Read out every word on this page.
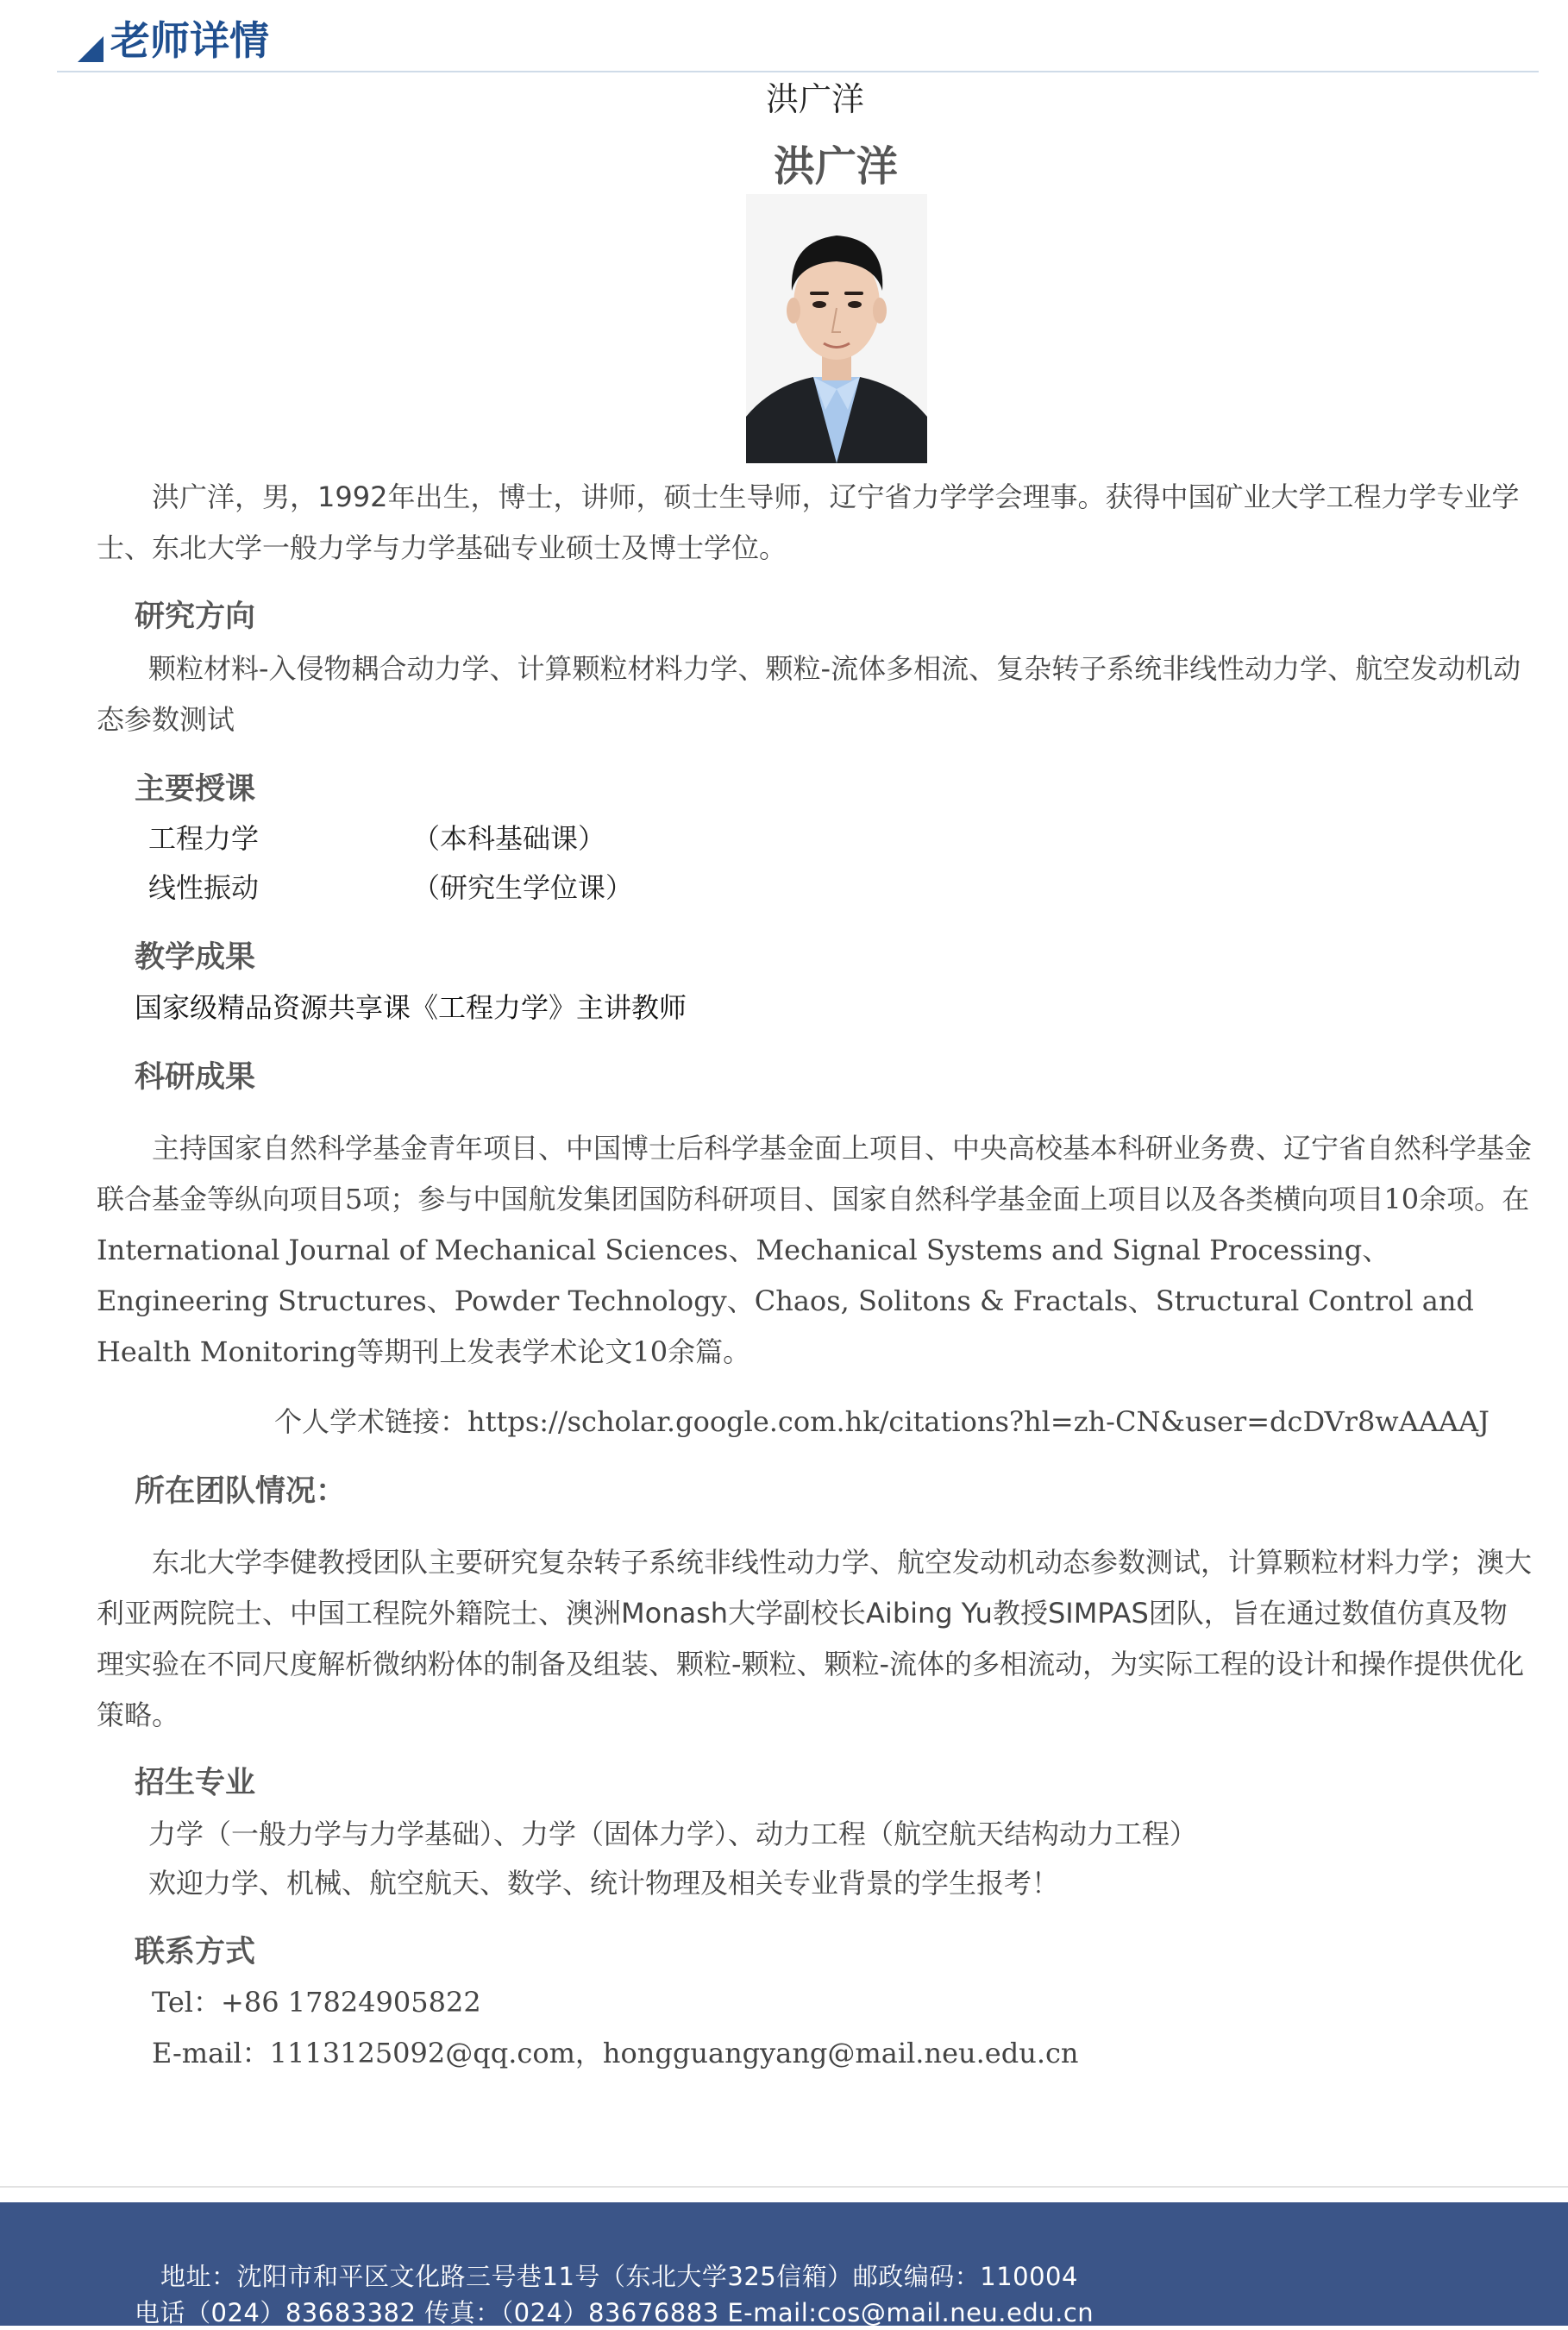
老师详情
洪广洋
洪广洋
洪广洋，男，1992年出生，博士，讲师，硕士生导师，辽宁省力学学会理事。获得中国矿业大学工程力学专业学士、东北大学一般力学与力学基础专业硕士及博士学位。
研究方向
颗粒材料-入侵物耦合动力学、计算颗粒材料力学、颗粒-流体多相流、复杂转子系统非线性动力学、航空发动机动态参数测试
主要授课
工程力学	（本科基础课）
线性振动	（研究生学位课）
教学成果
国家级精品资源共享课《工程力学》主讲教师
科研成果
主持国家自然科学基金青年项目、中国博士后科学基金面上项目、中央高校基本科研业务费、辽宁省自然科学基金联合基金等纵向项目5项；参与中国航发集团国防科研项目、国家自然科学基金面上项目以及各类横向项目10余项。在International Journal of Mechanical Sciences、Mechanical Systems and Signal Processing、Engineering Structures、Powder Technology、Chaos, Solitons & Fractals、Structural Control and Health Monitoring等期刊上发表学术论文10余篇。
个人学术链接：https://scholar.google.com.hk/citations?hl=zh-CN&user=dcDVr8wAAAAJ
所在团队情况：
东北大学李健教授团队主要研究复杂转子系统非线性动力学、航空发动机动态参数测试，计算颗粒材料力学；澳大利亚两院院士、中国工程院外籍院士、澳洲Monash大学副校长Aibing Yu教授SIMPAS团队，旨在通过数值仿真及物理实验在不同尺度解析微纳粉体的制备及组装、颗粒-颗粒、颗粒-流体的多相流动，为实际工程的设计和操作提供优化策略。
招生专业
力学（一般力学与力学基础）、力学（固体力学）、动力工程（航空航天结构动力工程）
欢迎力学、机械、航空航天、数学、统计物理及相关专业背景的学生报考！
联系方式
Tel：+86 17824905822
E-mail：1113125092@qq.com，hongguangyang@mail.neu.edu.cn
地址：沈阳市和平区文化路三号巷11号（东北大学325信箱）邮政编码：110004
电话（024）83683382 传真：（024）83676883 E-mail:cos@mail.neu.edu.cn
